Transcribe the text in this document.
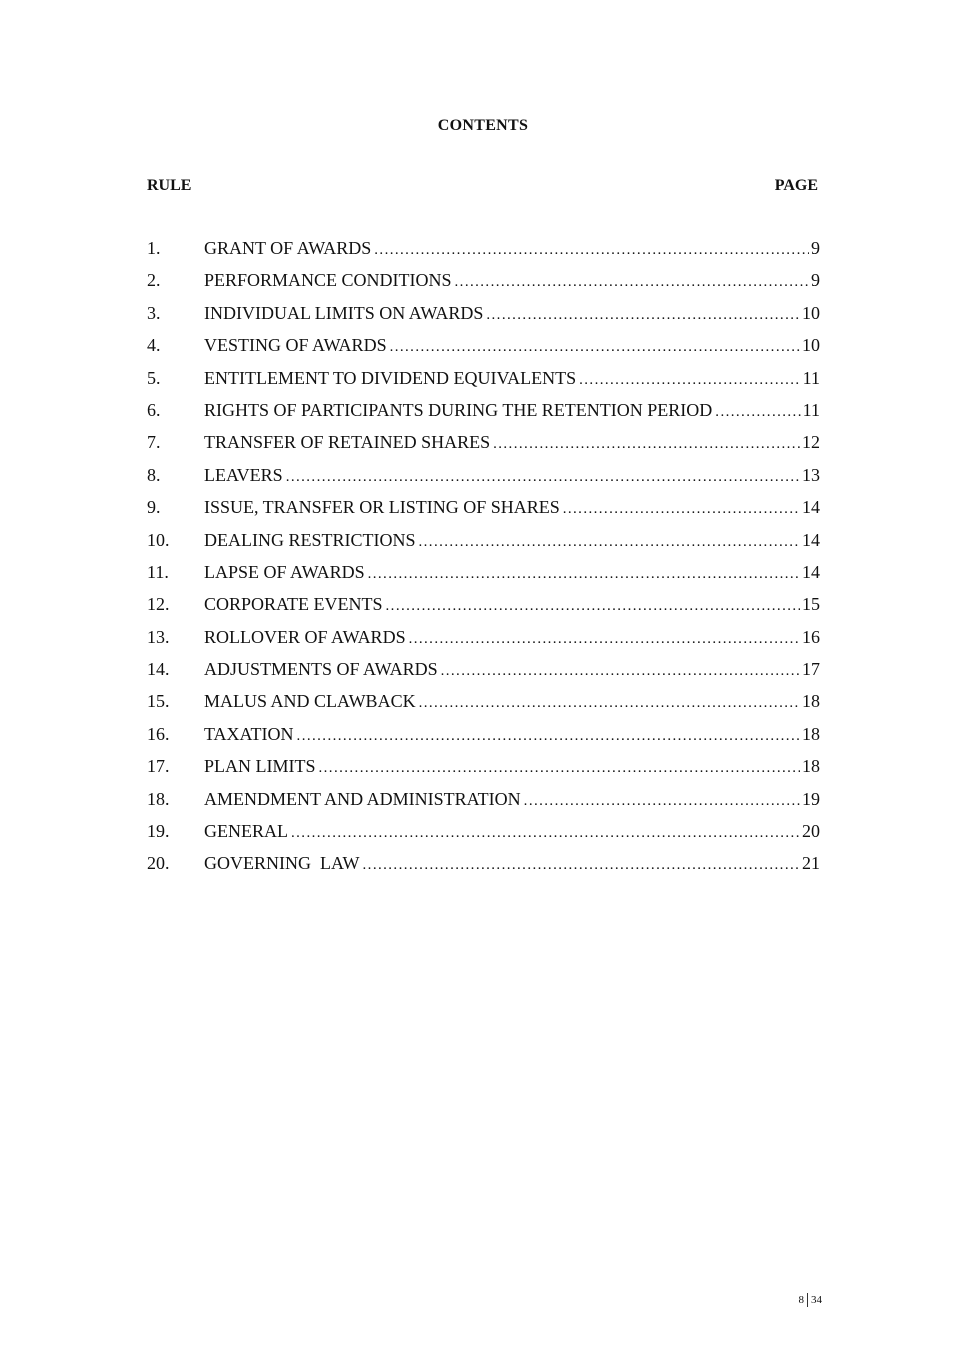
CONTENTS
RULE	PAGE
1.	GRANT OF AWARDS .....	9
2.	PERFORMANCE CONDITIONS .....	9
3.	INDIVIDUAL LIMITS ON AWARDS .....	10
4.	VESTING OF AWARDS .....	10
5.	ENTITLEMENT TO DIVIDEND EQUIVALENTS .....	11
6.	RIGHTS OF PARTICIPANTS DURING THE RETENTION PERIOD .....	11
7.	TRANSFER OF RETAINED SHARES .....	12
8.	LEAVERS .....	13
9.	ISSUE, TRANSFER OR LISTING OF SHARES .....	14
10.	DEALING RESTRICTIONS .....	14
11.	LAPSE OF AWARDS .....	14
12.	CORPORATE EVENTS .....	15
13.	ROLLOVER OF AWARDS .....	16
14.	ADJUSTMENTS OF AWARDS .....	17
15.	MALUS AND CLAWBACK .....	18
16.	TAXATION .....	18
17.	PLAN LIMITS .....	18
18.	AMENDMENT AND ADMINISTRATION .....	19
19.	GENERAL .....	20
20.	GOVERNING  LAW .....	21
8 34
